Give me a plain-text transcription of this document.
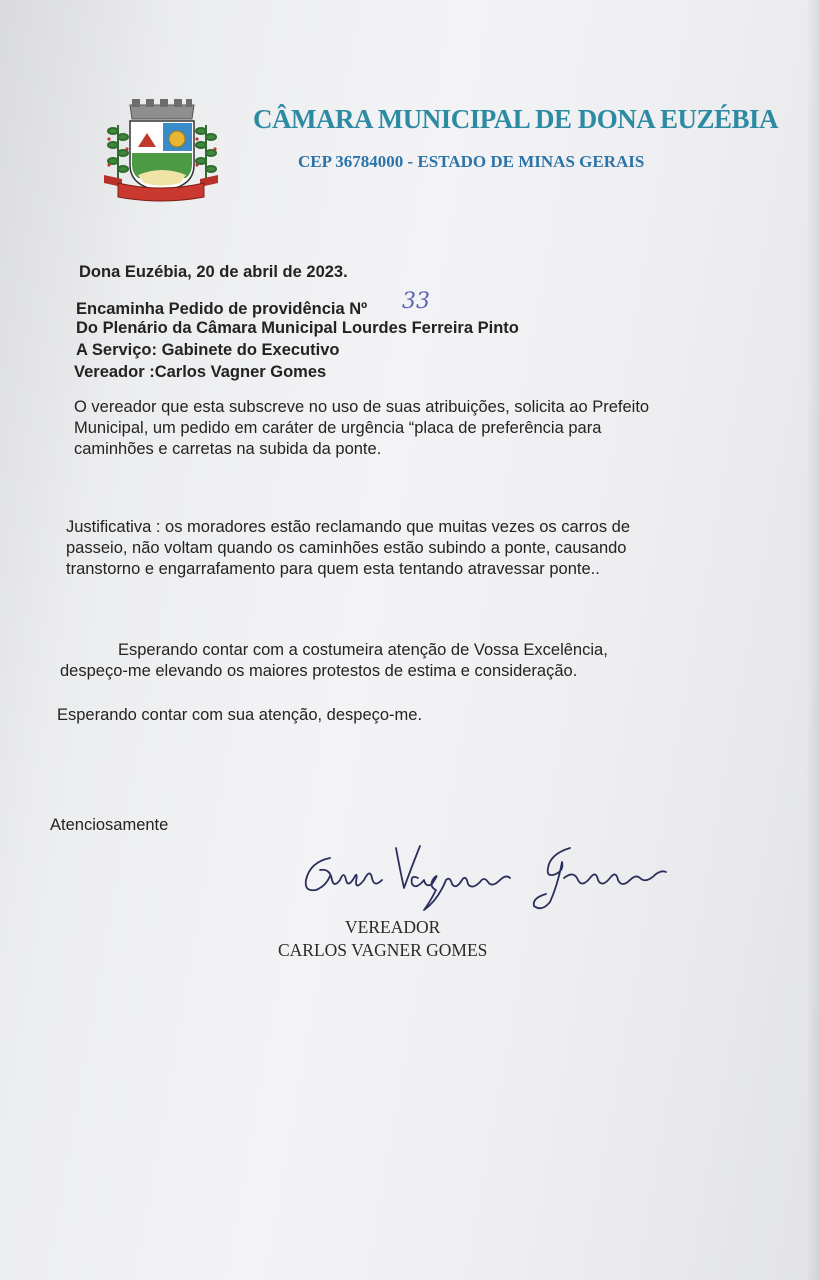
CÂMARA MUNICIPAL DE DONA EUZÉBIA
CEP 36784000 - ESTADO DE MINAS GERAIS
Dona Euzébia, 20 de abril de 2023.
Encaminha Pedido de providência Nº 33
Do Plenário da Câmara Municipal Lourdes Ferreira Pinto
A Serviço: Gabinete do Executivo
Vereador :Carlos Vagner Gomes
O vereador que esta subscreve no uso de suas atribuições, solicita ao Prefeito
Municipal, um pedido em caráter de urgência “placa de preferência para
caminhões e carretas na subida da ponte.
Justificativa : os moradores estão reclamando que muitas vezes os carros de
passeio, não voltam quando os caminhões estão subindo a ponte, causando
transtorno e engarrafamento para quem esta tentando atravessar ponte..
Esperando contar com a costumeira atenção de Vossa Excelência,
despeço-me elevando os maiores protestos de estima e consideração.
Esperando contar com sua atenção, despeço-me.
Atenciosamente
VEREADOR
CARLOS VAGNER GOMES
